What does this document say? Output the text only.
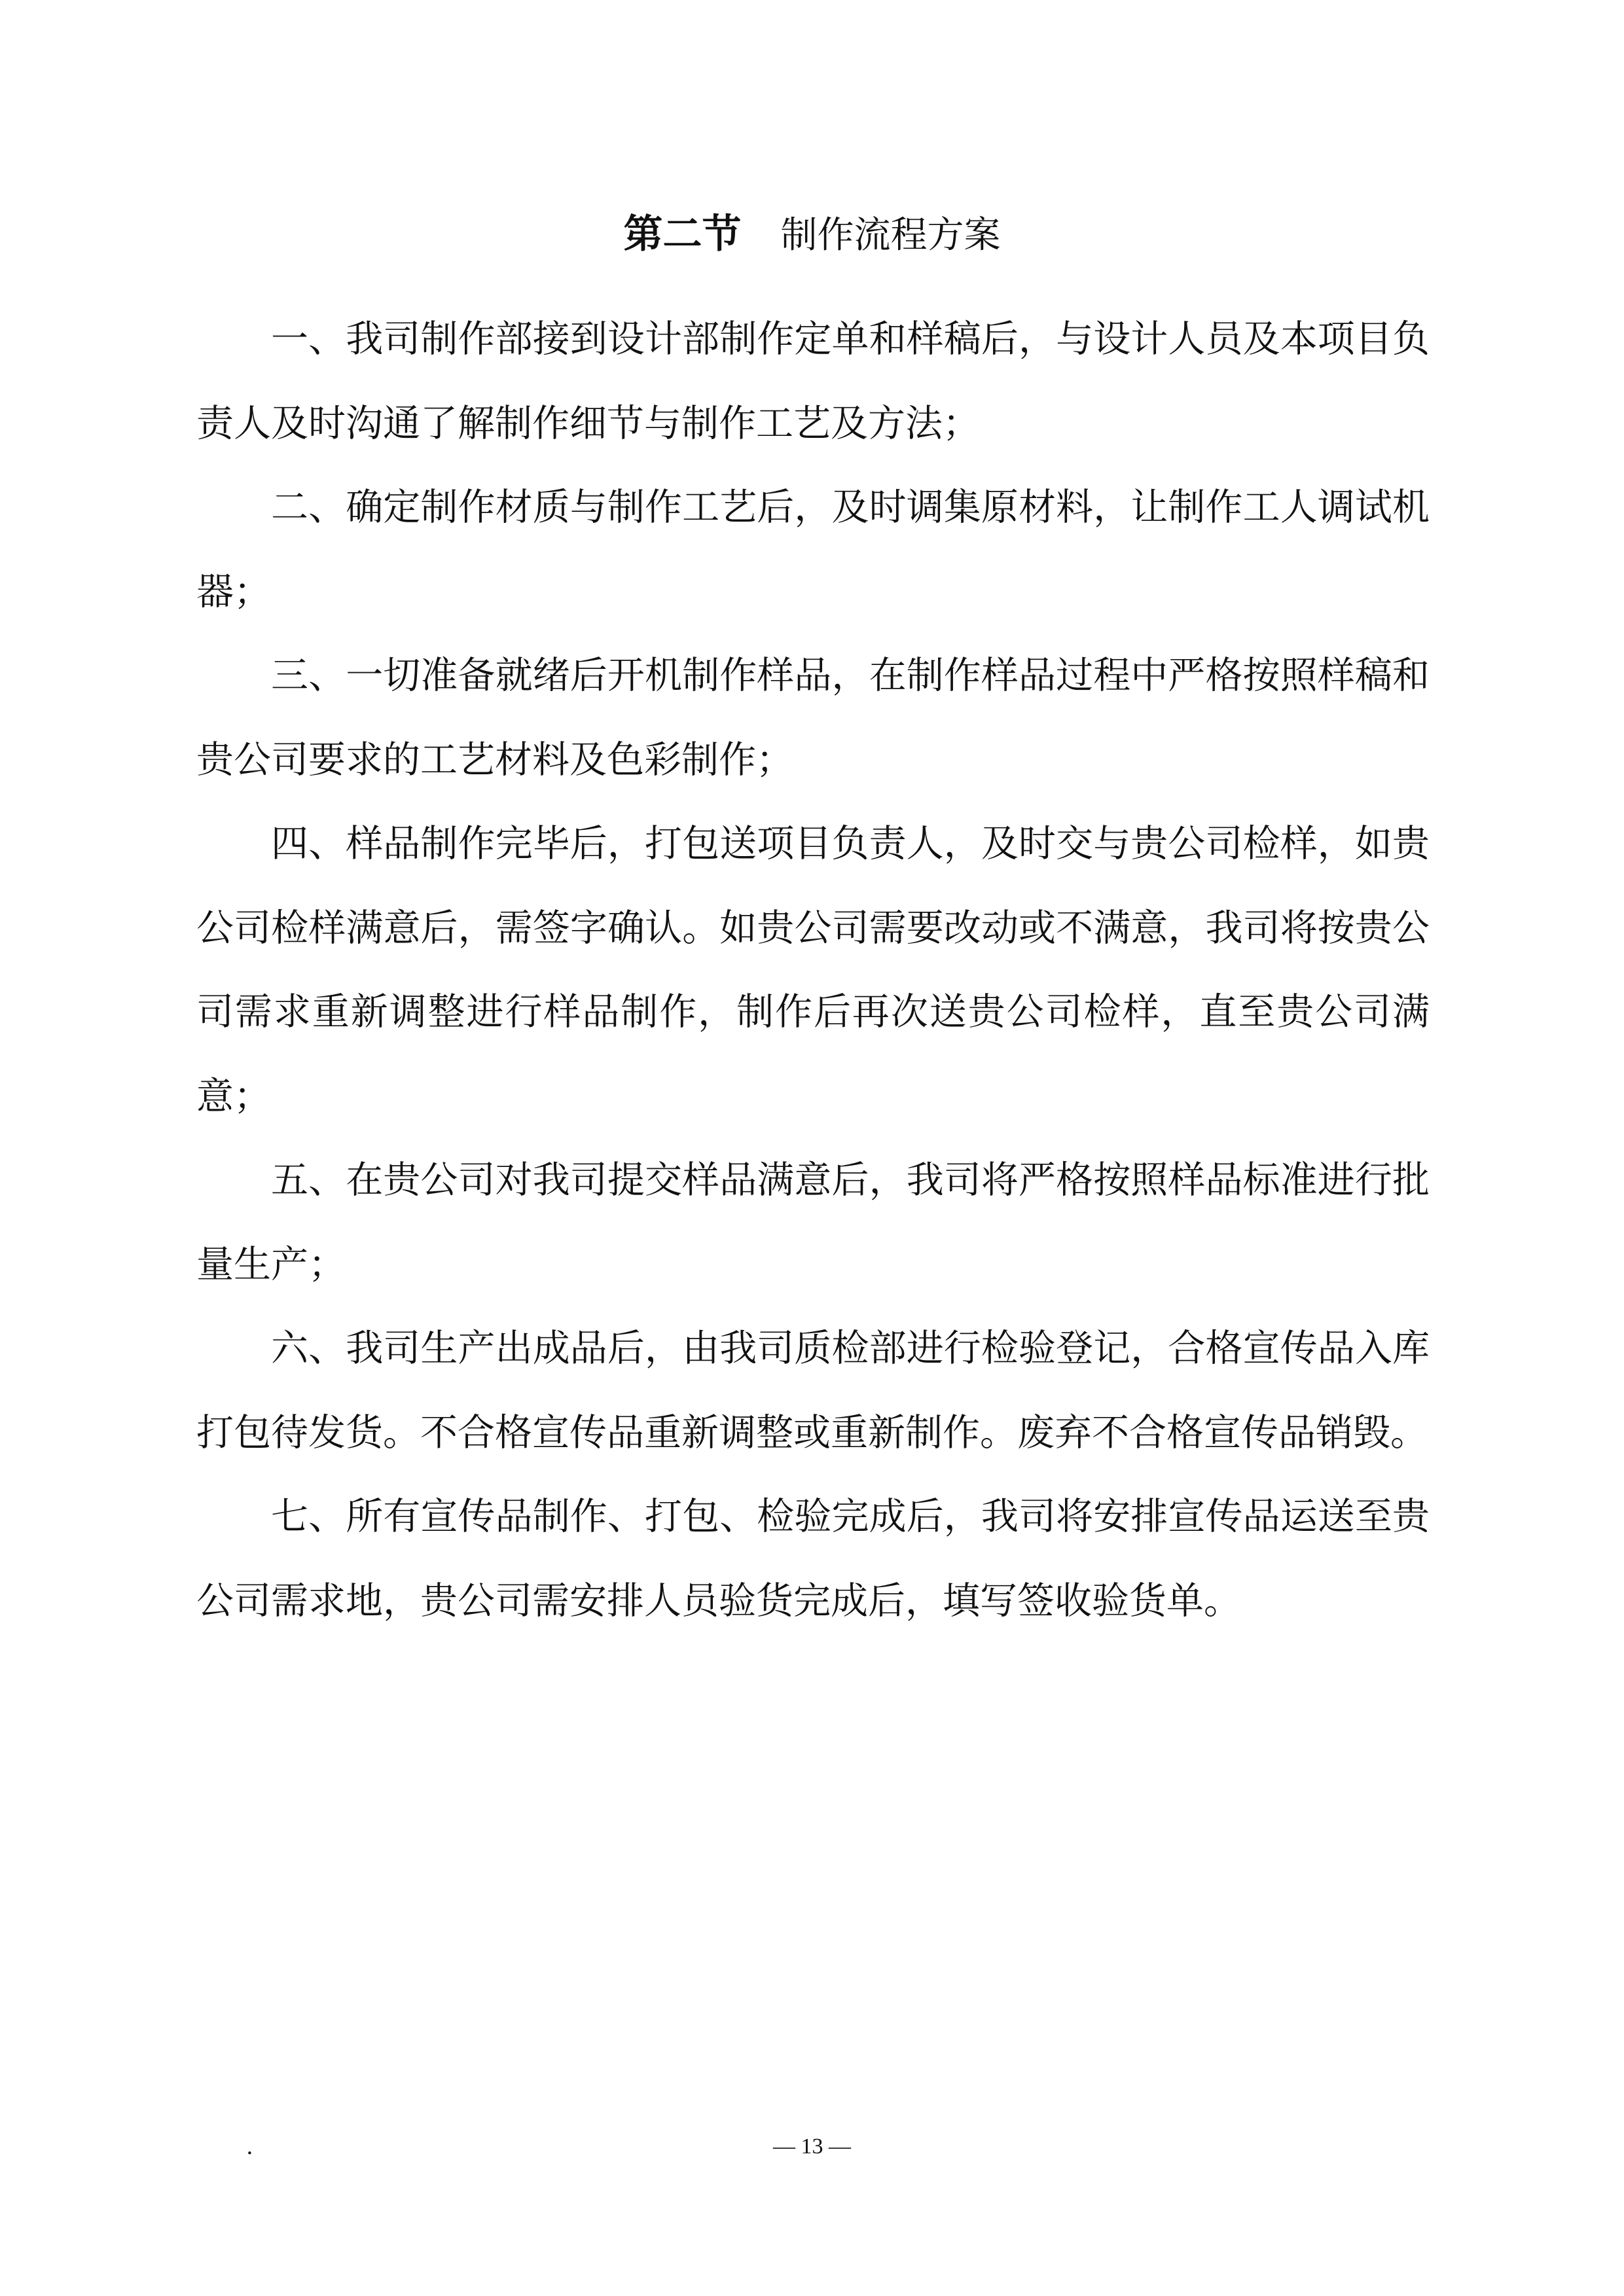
第二节 制作流程方案

一、我司制作部接到设计部制作定单和样稿后，与设计人员及本项目负责人及时沟通了解制作细节与制作工艺及方法；

二、确定制作材质与制作工艺后，及时调集原材料，让制作工人调试机器；

三、一切准备就绪后开机制作样品，在制作样品过程中严格按照样稿和贵公司要求的工艺材料及色彩制作；

四、样品制作完毕后，打包送项目负责人，及时交与贵公司检样，如贵公司检样满意后，需签字确认。如贵公司需要改动或不满意，我司将按贵公司需求重新调整进行样品制作，制作后再次送贵公司检样，直至贵公司满意；

五、在贵公司对我司提交样品满意后，我司将严格按照样品标准进行批量生产；

六、我司生产出成品后，由我司质检部进行检验登记，合格宣传品入库打包待发货。不合格宣传品重新调整或重新制作。废弃不合格宣传品销毁。

七、所有宣传品制作、打包、检验完成后，我司将安排宣传品运送至贵公司需求地，贵公司需安排人员验货完成后，填写签收验货单。

.	— 13 —
